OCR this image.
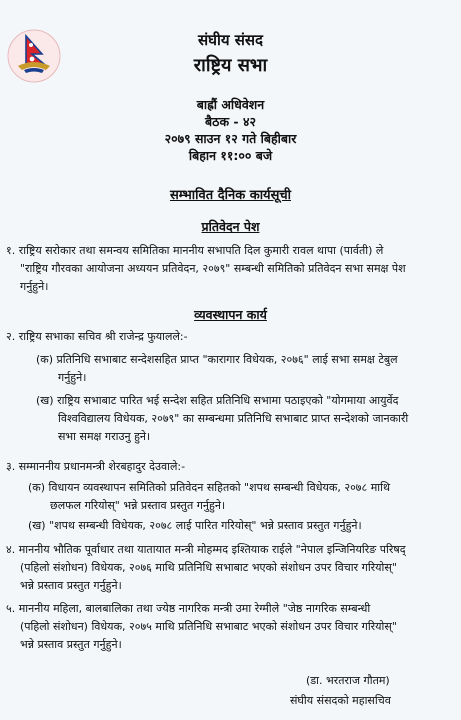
संघीय संसद
राष्ट्रिय सभा
बाह्रौं अधिवेशन
बैठक - ४२
२०७९ साउन १२ गते बिहीबार
बिहान ११:०० बजे
सम्भावित दैनिक कार्यसूची
प्रतिवेदन पेश
१. राष्ट्रिय सरोकार तथा समन्वय समितिका माननीय सभापति दिल कुमारी रावल थापा (पार्वती) ले
"राष्ट्रिय गौरवका आयोजना अध्ययन प्रतिवेदन, २०७९" सम्बन्धी समितिको प्रतिवेदन सभा समक्ष पेश
गर्नुहुने।
व्यवस्थापन कार्य
२. राष्ट्रिय सभाका सचिव श्री राजेन्द्र फुयालले:-
(क) प्रतिनिधि सभाबाट सन्देशसहित प्राप्त "कारागार विधेयक, २०७६" लाई सभा समक्ष टेबुल
गर्नुहुने।
(ख) राष्ट्रिय सभाबाट पारित भई सन्देश सहित प्रतिनिधि सभामा पठाइएको "योगमाया आयुर्वेद
विश्वविद्यालय विधेयक, २०७९" का सम्बन्धमा प्रतिनिधि सभाबाट प्राप्त सन्देशको जानकारी
सभा समक्ष गराउनु हुने।
३. सम्माननीय प्रधानमन्त्री शेरबहादुर देउवाले:-
(क) विधायन व्यवस्थापन समितिको प्रतिवेदन सहितको "शपथ सम्बन्धी विधेयक, २०७८ माथि
छलफल गरियोस्" भन्ने प्रस्ताव प्रस्तुत गर्नुहुने।
(ख) "शपथ सम्बन्धी विधेयक, २०७८ लाई पारित गरियोस्" भन्ने प्रस्ताव प्रस्तुत गर्नुहुने।
४. माननीय भौतिक पूर्वाधार तथा यातायात मन्त्री मोहम्मद इश्तियाक राईले "नेपाल इन्जिनियरिङ परिषद्
(पहिलो संशोधन) विधेयक, २०७६ माथि प्रतिनिधि सभाबाट भएको संशोधन उपर विचार गरियोस्"
भन्ने प्रस्ताव प्रस्तुत गर्नुहुने।
५. माननीय महिला, बालबालिका तथा ज्येष्ठ नागरिक मन्त्री उमा रेग्मीले "जेष्ठ नागरिक सम्बन्धी
(पहिलो संशोधन) विधेयक, २०७५ माथि प्रतिनिधि सभाबाट भएको संशोधन उपर विचार गरियोस्"
भन्ने प्रस्ताव प्रस्तुत गर्नुहुने।
(डा. भरतराज गौतम)
संघीय संसदको महासचिव
